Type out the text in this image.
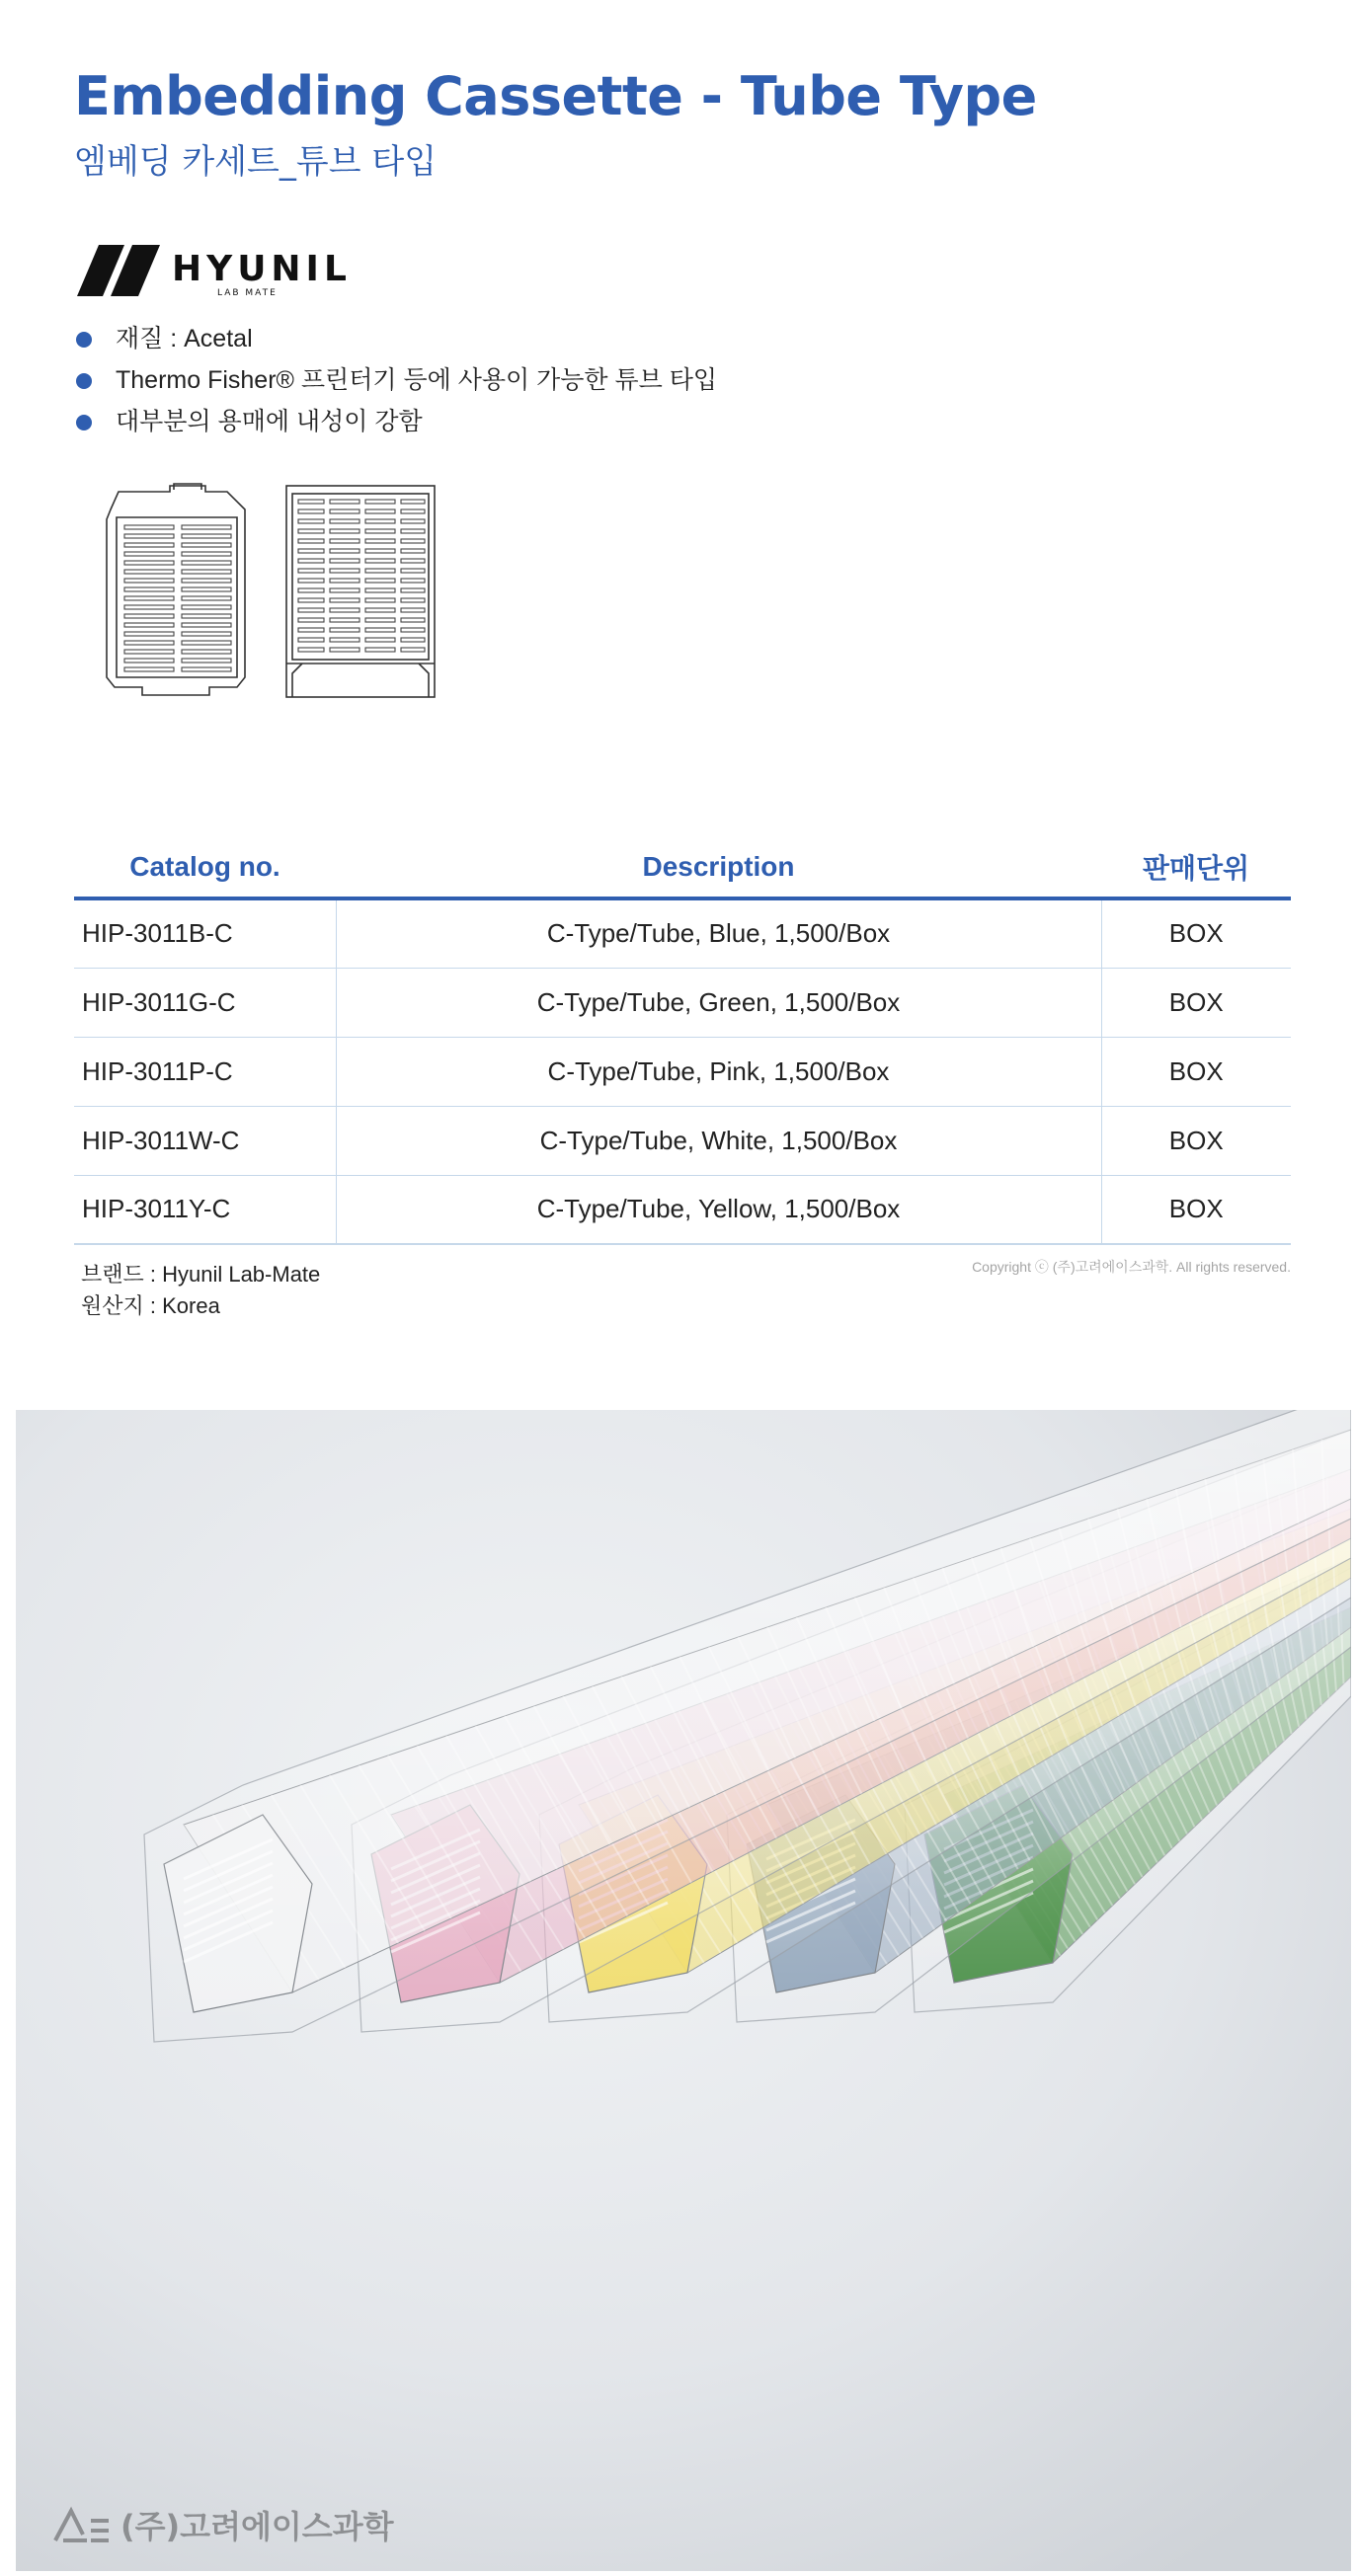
Embedding Cassette - Tube Type
엠베딩 카세트_튜브 타입
HYUNIL
LAB MATE
재질 : Acetal
Thermo Fisher® 프린터기 등에 사용이 가능한 튜브 타입
대부분의 용매에 내성이 강함
Catalog no.	Description	판매단위
HIP-3011B-C	C-Type/Tube, Blue, 1,500/Box	BOX
HIP-3011G-C	C-Type/Tube, Green, 1,500/Box	BOX
HIP-3011P-C	C-Type/Tube, Pink, 1,500/Box	BOX
HIP-3011W-C	C-Type/Tube, White, 1,500/Box	BOX
HIP-3011Y-C	C-Type/Tube, Yellow, 1,500/Box	BOX
브랜드 : Hyunil Lab-Mate
원산지 : Korea
Copyright ⓒ (주)고려에이스과학. All rights reserved.
(주)고려에이스과학
